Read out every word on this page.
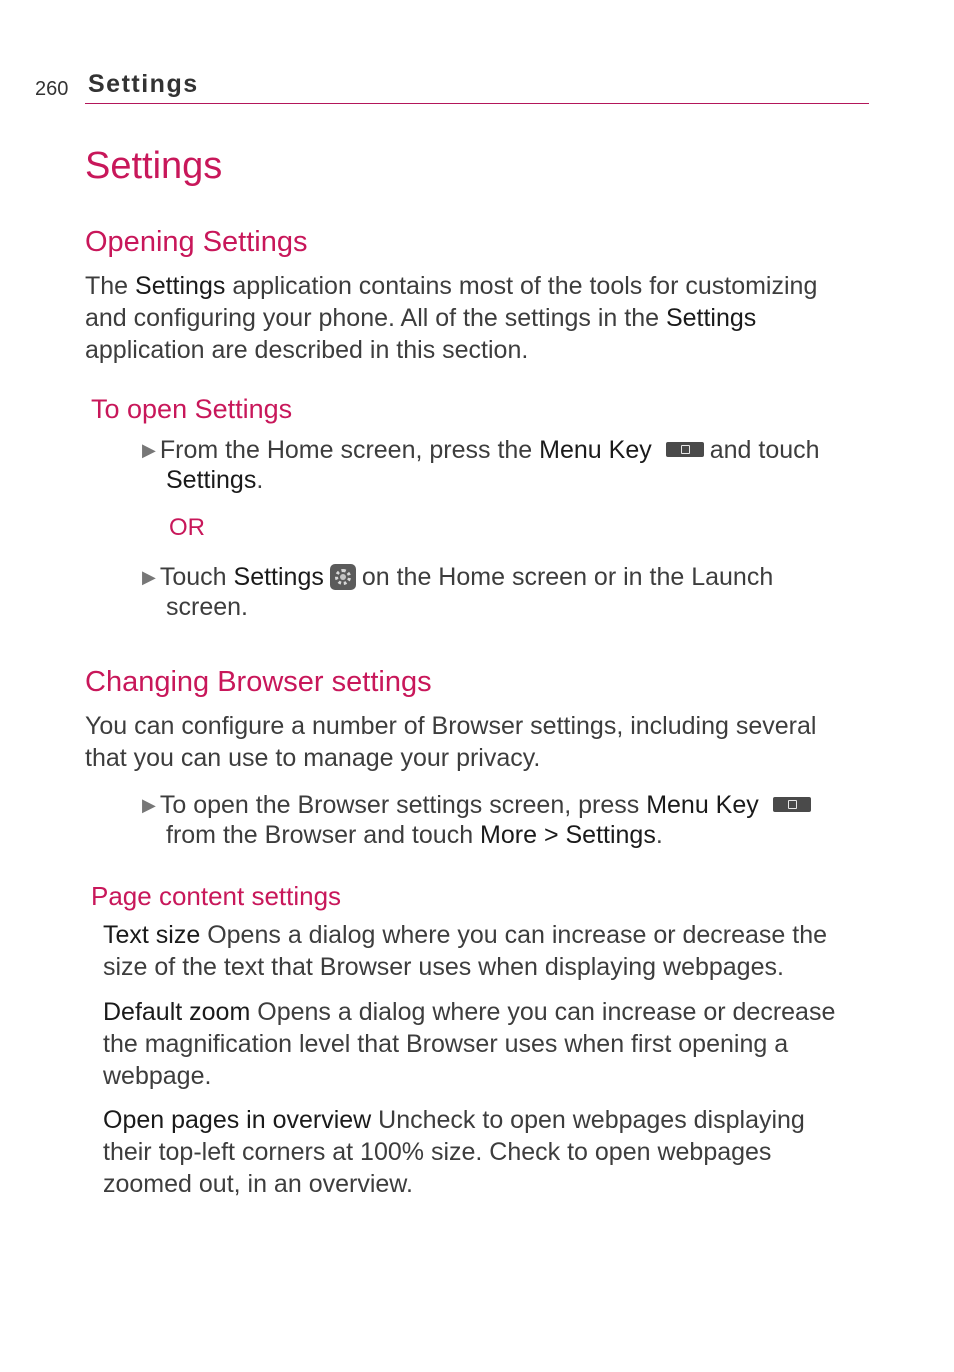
260 Settings
Settings
Opening Settings
The Settings application contains most of the tools for customizing
and configuring your phone. All of the settings in the Settings
application are described in this section.
To open Settings
▶ From the Home screen, press the Menu Key and touch
Settings.
OR
▶ Touch Settings on the Home screen or in the Launch
screen.
Changing Browser settings
You can configure a number of Browser settings, including several
that you can use to manage your privacy.
▶ To open the Browser settings screen, press Menu Key
from the Browser and touch More > Settings.
Page content settings
Text size Opens a dialog where you can increase or decrease the
size of the text that Browser uses when displaying webpages.
Default zoom Opens a dialog where you can increase or decrease
the magnification level that Browser uses when first opening a
webpage.
Open pages in overview Uncheck to open webpages displaying
their top-left corners at 100% size. Check to open webpages
zoomed out, in an overview.
